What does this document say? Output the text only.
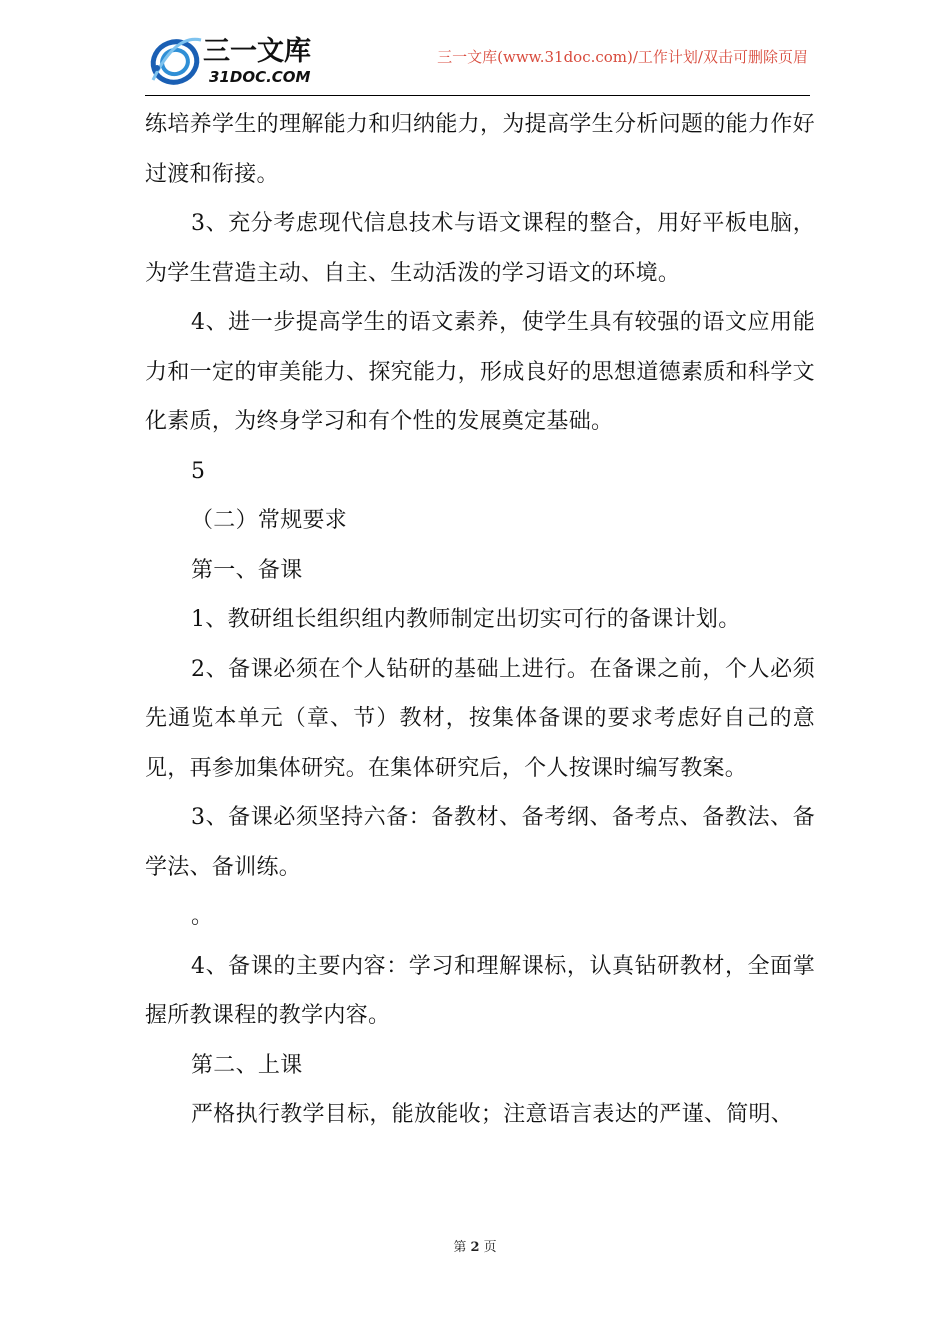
三一文库
31DOC.COM
三一文库(www.31doc.com)/工作计划/双击可删除页眉

练培养学生的理解能力和归纳能力，为提高学生分析问题的能力作好过渡和衔接。

3、充分考虑现代信息技术与语文课程的整合，用好平板电脑，为学生营造主动、自主、生动活泼的学习语文的环境。

4、进一步提高学生的语文素养，使学生具有较强的语文应用能力和一定的审美能力、探究能力，形成良好的思想道德素质和科学文化素质，为终身学习和有个性的发展奠定基础。

5

（二）常规要求

第一、备课

1、教研组长组织组内教师制定出切实可行的备课计划。

2、备课必须在个人钻研的基础上进行。在备课之前，个人必须先通览本单元（章、节）教材，按集体备课的要求考虑好自己的意见，再参加集体研究。在集体研究后，个人按课时编写教案。

3、备课必须坚持六备：备教材、备考纲、备考点、备教法、备学法、备训练。

。

4、备课的主要内容：学习和理解课标，认真钻研教材，全面掌握所教课程的教学内容。

第二、上课

严格执行教学目标，能放能收；注意语言表达的严谨、简明、

第 2 页
